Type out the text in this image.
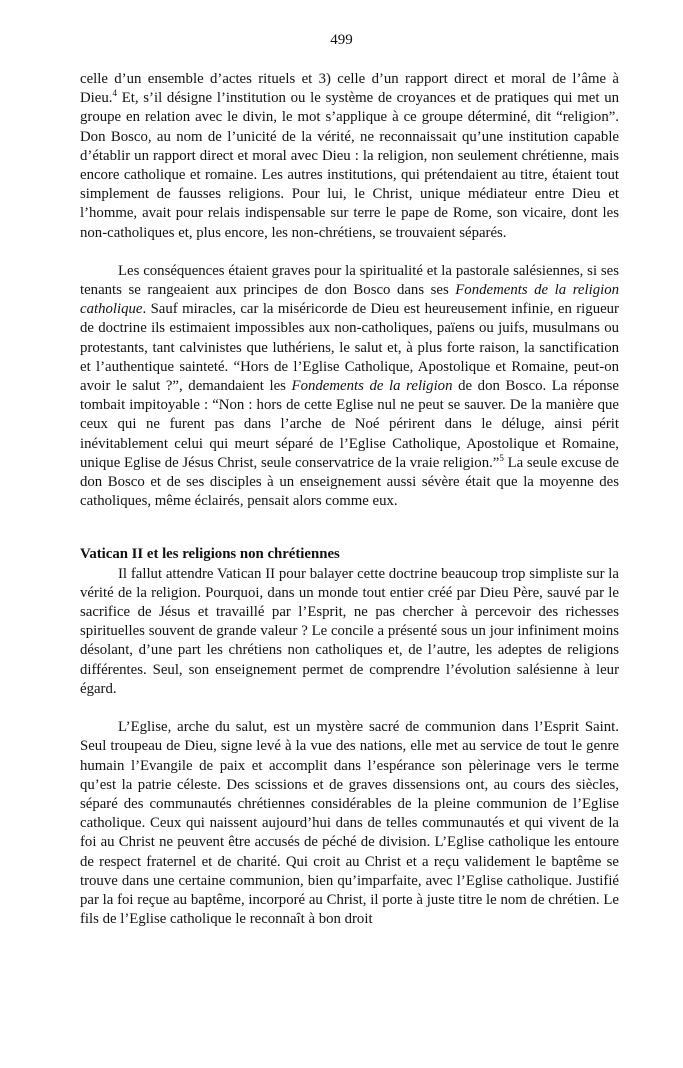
499

celle d’un ensemble d’actes rituels et 3) celle d’un rapport direct et moral de l’âme à Dieu.$^4$ Et, s’il désigne l’institution ou le système de croyances et de pratiques qui met un groupe en relation avec le divin, le mot s’applique à ce groupe déterminé, dit “religion”. Don Bosco, au nom de l’unicité de la vérité, ne reconnaissait qu’une institution capable d’établir un rapport direct et moral avec Dieu : la religion, non seulement chrétienne, mais encore catholique et romaine. Les autres institutions, qui prétendaient au titre, étaient tout simplement de fausses religions. Pour lui, le Christ, unique médiateur entre Dieu et l’homme, avait pour relais indispensable sur terre le pape de Rome, son vicaire, dont les non-catholiques et, plus encore, les non-chrétiens, se trouvaient séparés.

Les conséquences étaient graves pour la spiritualité et la pastorale salésiennes, si ses tenants se rangeaient aux principes de don Bosco dans ses Fondements de la religion catholique. Sauf miracles, car la miséricorde de Dieu est heureusement infinie, en rigueur de doctrine ils estimaient impossibles aux non-catholiques, païens ou juifs, musulmans ou protestants, tant calvinistes que luthériens, le salut et, à plus forte raison, la sanctification et l’authentique sainteté. “Hors de l’Eglise Catholique, Apostolique et Romaine, peut-on avoir le salut ?”, demandaient les Fondements de la religion de don Bosco. La réponse tombait impitoyable : “Non : hors de cette Eglise nul ne peut se sauver. De la manière que ceux qui ne furent pas dans l’arche de Noé périrent dans le déluge, ainsi périt inévitablement celui qui meurt séparé de l’Eglise Catholique, Apostolique et Romaine, unique Eglise de Jésus Christ, seule conservatrice de la vraie religion.”$^5$ La seule excuse de don Bosco et de ses disciples à un enseignement aussi sévère était que la moyenne des catholiques, même éclairés, pensait alors comme eux.

Vatican II et les religions non chrétiennes

Il fallut attendre Vatican II pour balayer cette doctrine beaucoup trop simpliste sur la vérité de la religion. Pourquoi, dans un monde tout entier créé par Dieu Père, sauvé par le sacrifice de Jésus et travaillé par l’Esprit, ne pas chercher à percevoir des richesses spirituelles souvent de grande valeur ? Le concile a présenté sous un jour infiniment moins désolant, d’une part les chrétiens non catholiques et, de l’autre, les adeptes de religions différentes. Seul, son enseignement permet de comprendre l’évolution salésienne à leur égard.

L’Eglise, arche du salut, est un mystère sacré de communion dans l’Esprit Saint. Seul troupeau de Dieu, signe levé à la vue des nations, elle met au service de tout le genre humain l’Evangile de paix et accomplit dans l’espérance son pèlerinage vers le terme qu’est la patrie céleste. Des scissions et de graves dissensions ont, au cours des siècles, séparé des communautés chrétiennes considérables de la pleine communion de l’Eglise catholique. Ceux qui naissent aujourd’hui dans de telles communautés et qui vivent de la foi au Christ ne peuvent être accusés de péché de division. L’Eglise catholique les entoure de respect fraternel et de charité. Qui croit au Christ et a reçu validement le baptême se trouve dans une certaine communion, bien qu’imparfaite, avec l’Eglise catholique. Justifié par la foi reçue au baptême, incorporé au Christ, il porte à juste titre le nom de chrétien. Le fils de l’Eglise catholique le reconnaît à bon droit
